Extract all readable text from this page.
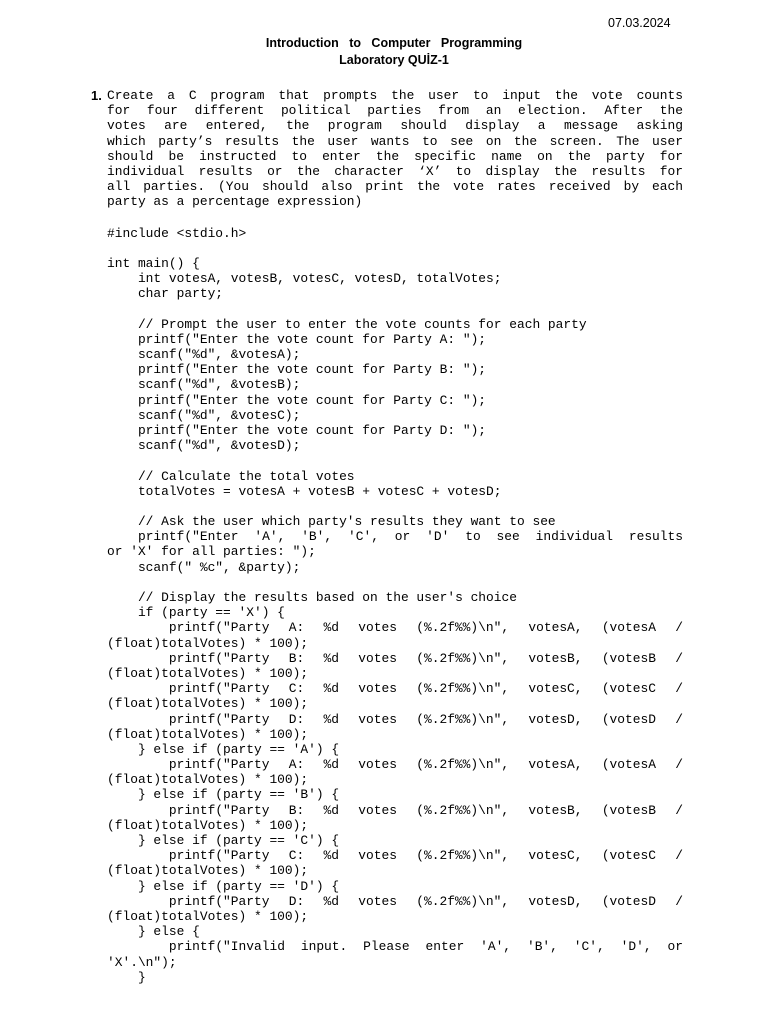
07.03.2024
Introduction   to   Computer   Programming
Laboratory QUİZ-1
1. Create a C program that prompts the user to input the vote counts
for four different political parties from an election. After the
votes are entered, the program should display a message asking
which party’s results the user wants to see on the screen. The user
should be instructed to enter the specific name on the party for
individual results or the character ‘X’ to display the results for
all parties. (You should also print the vote rates received by each
party as a percentage expression)
#include <stdio.h>

int main() {
int votesA, votesB, votesC, votesD, totalVotes;
char party;

// Prompt the user to enter the vote counts for each party
printf("Enter the vote count for Party A: ");
scanf("%d", &votesA);
printf("Enter the vote count for Party B: ");
scanf("%d", &votesB);
printf("Enter the vote count for Party C: ");
scanf("%d", &votesC);
printf("Enter the vote count for Party D: ");
scanf("%d", &votesD);

// Calculate the total votes
totalVotes = votesA + votesB + votesC + votesD;

// Ask the user which party's results they want to see
printf("Enter 'A', 'B', 'C', or 'D' to see individual results
or 'X' for all parties: ");
scanf(" %c", &party);

// Display the results based on the user's choice
if (party == 'X') {
printf("Party A: %d votes (%.2f%%)\n", votesA, (votesA /
(float)totalVotes) * 100);
printf("Party B: %d votes (%.2f%%)\n", votesB, (votesB /
(float)totalVotes) * 100);
printf("Party C: %d votes (%.2f%%)\n", votesC, (votesC /
(float)totalVotes) * 100);
printf("Party D: %d votes (%.2f%%)\n", votesD, (votesD /
(float)totalVotes) * 100);
} else if (party == 'A') {
printf("Party A: %d votes (%.2f%%)\n", votesA, (votesA /
(float)totalVotes) * 100);
} else if (party == 'B') {
printf("Party B: %d votes (%.2f%%)\n", votesB, (votesB /
(float)totalVotes) * 100);
} else if (party == 'C') {
printf("Party C: %d votes (%.2f%%)\n", votesC, (votesC /
(float)totalVotes) * 100);
} else if (party == 'D') {
printf("Party D: %d votes (%.2f%%)\n", votesD, (votesD /
(float)totalVotes) * 100);
} else {
printf("Invalid input. Please enter 'A', 'B', 'C', 'D', or
'X'.\n");
}
